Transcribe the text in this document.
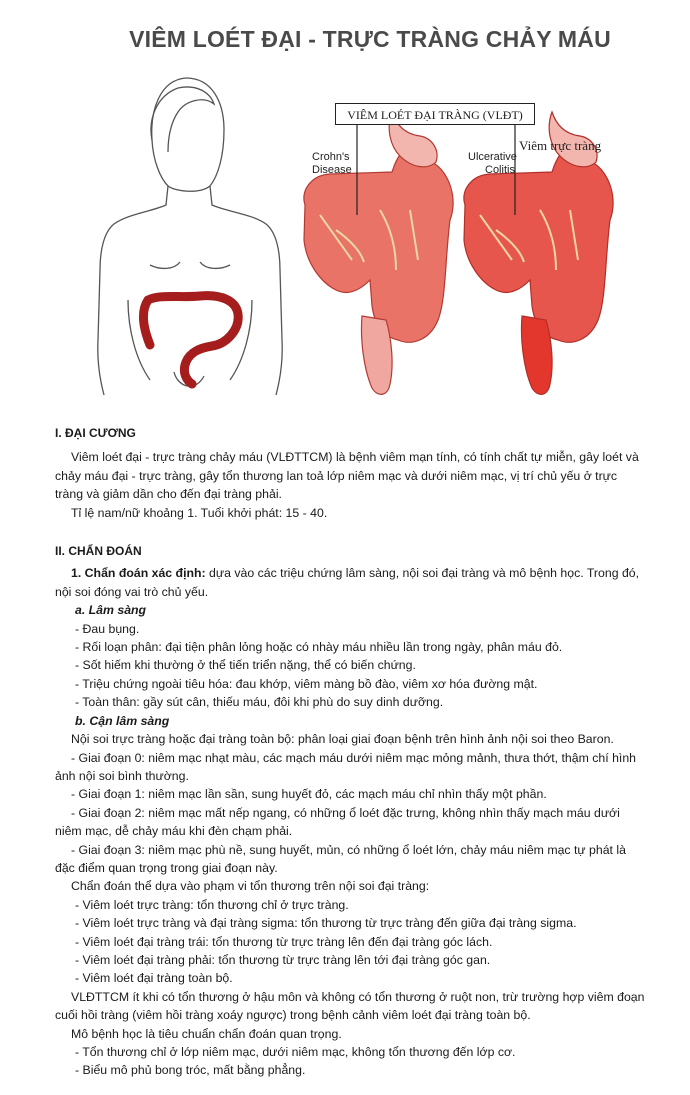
VIÊM LOÉT ĐẠI - TRỰC TRÀNG CHẢY MÁU
VIÊM LOÉT ĐẠI TRÀNG (VLĐT)
Crohn's
Disease
Ulcerative
Colitis
Viêm trực tràng

I. ĐẠI CƯƠNG

Viêm loét đại - trực tràng chảy máu (VLĐTTCM) là bệnh viêm mạn tính, có tính chất tự miễn, gây loét và chảy máu đại - trực tràng, gây tổn thương lan toả lớp niêm mạc và dưới niêm mạc, vị trí chủ yếu ở trực tràng và giảm dần cho đến đại tràng phải.

Tỉ lệ nam/nữ khoảng 1. Tuổi khởi phát: 15 - 40.

II. CHẨN ĐOÁN

1. Chẩn đoán xác định: dựa vào các triệu chứng lâm sàng, nội soi đại tràng và mô bệnh học. Trong đó, nội soi đóng vai trò chủ yếu.

a. Lâm sàng

- Đau bụng.

- Rối loạn phân: đại tiện phân lỏng hoặc có nhày máu nhiều lần trong ngày, phân máu đỏ.

- Sốt hiếm khi thường ở thể tiến triển nặng, thể có biến chứng.

- Triệu chứng ngoài tiêu hóa: đau khớp, viêm màng bồ đào, viêm xơ hóa đường mật.

- Toàn thân: gầy sút cân, thiếu máu, đôi khi phù do suy dinh dưỡng.

b. Cận lâm sàng

Nội soi trực tràng hoặc đại tràng toàn bộ: phân loại giai đoạn bệnh trên hình ảnh nội soi theo Baron.

- Giai đoạn 0: niêm mạc nhạt màu, các mạch máu dưới niêm mạc mỏng mảnh, thưa thớt, thậm chí hình ảnh nội soi bình thường.

- Giai đoạn 1: niêm mạc lần sần, sung huyết đỏ, các mạch máu chỉ nhìn thấy một phần.

- Giai đoạn 2: niêm mạc mất nếp ngang, có những ổ loét đặc trưng, không nhìn thấy mạch máu dưới niêm mạc, dễ chảy máu khi đèn chạm phải.

- Giai đoạn 3: niêm mạc phù nề, sung huyết, mủn, có những ổ loét lớn, chảy máu niêm mạc tự phát là đặc điểm quan trọng trong giai đoạn này.

Chẩn đoán thể dựa vào phạm vi tổn thương trên nội soi đại tràng:

- Viêm loét trực tràng: tổn thương chỉ ở trực tràng.

- Viêm loét trực tràng và đại tràng sigma: tổn thương từ trực tràng đến giữa đại tràng sigma.

- Viêm loét đại tràng trái: tổn thương từ trực tràng lên đến đại tràng góc lách.

- Viêm loét đại tràng phải: tổn thương từ trực tràng lên tới đại tràng góc gan.

- Viêm loét đại tràng toàn bộ.

VLĐTTCM ít khi có tổn thương ở hậu môn và không có tổn thương ở ruột non, trừ trường hợp viêm đoạn cuối hồi tràng (viêm hồi tràng xoáy ngược) trong bệnh cảnh viêm loét đại tràng toàn bộ.

Mô bệnh học là tiêu chuẩn chẩn đoán quan trọng.

- Tổn thương chỉ ở lớp niêm mạc, dưới niêm mạc, không tổn thương đến lớp cơ.

- Biểu mô phủ bong tróc, mất bằng phẳng.
